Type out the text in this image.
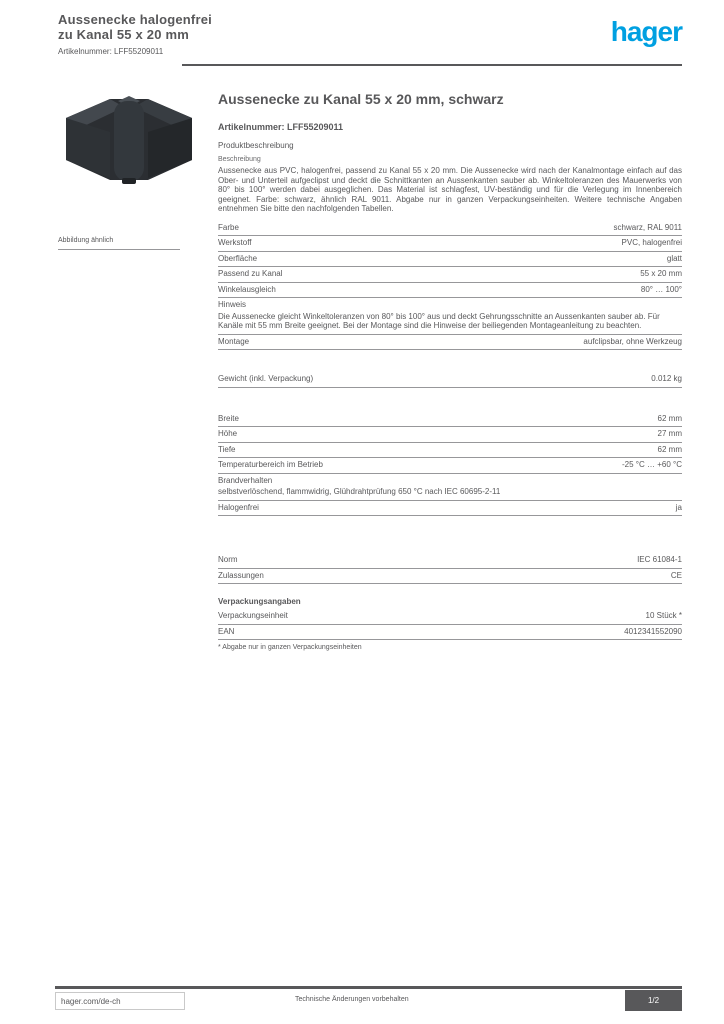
Aussenecke halogenfrei
zu Kanal 55 x 20 mm
Artikelnummer: LFF55209011
hager
Abbildung ähnlich
Aussenecke zu Kanal 55 x 20 mm, schwarz
Artikelnummer: LFF55209011
Produktbeschreibung
Beschreibung
Aussenecke aus PVC, halogenfrei, passend zu Kanal 55 x 20 mm. Die Aussenecke wird nach der Kanalmontage einfach auf das Ober- und Unterteil aufgeclipst und deckt die Schnittkanten an Aussenkanten sauber ab. Winkeltoleranzen des Mauerwerks von 80° bis 100° werden dabei ausgeglichen. Das Material ist schlagfest, UV-beständig und für die Verlegung im Innenbereich geeignet. Farbe: schwarz, ähnlich RAL 9011. Abgabe nur in ganzen Verpackungseinheiten. Weitere technische Angaben entnehmen Sie bitte den nachfolgenden Tabellen.
Farbe	schwarz, RAL 9011
Werkstoff	PVC, halogenfrei
Oberfläche	glatt
Passend zu Kanal	55 x 20 mm
Winkelausgleich	80° … 100°
Hinweis
Die Aussenecke gleicht Winkeltoleranzen von 80° bis 100° aus und deckt Gehrungsschnitte an Aussenkanten sauber ab. Für Kanäle mit 55 mm Breite geeignet. Bei der Montage sind die Hinweise der beiliegenden Montageanleitung zu beachten.
Montage	aufclipsbar, ohne Werkzeug
Gewicht (inkl. Verpackung)	0.012 kg
Breite	62 mm
Höhe	27 mm
Tiefe	62 mm
Temperaturbereich im Betrieb	-25 °C … +60 °C
Brandverhalten
selbstverlöschend, flammwidrig, Glühdrahtprüfung 650 °C nach IEC 60695-2-11
Halogenfrei	ja
Norm	IEC 61084-1
Zulassungen	CE
Verpackungsangaben
Verpackungseinheit	10 Stück *
EAN	4012341552090
* Abgabe nur in ganzen Verpackungseinheiten
hager.com/de-ch	Technische Änderungen vorbehalten	1/2
